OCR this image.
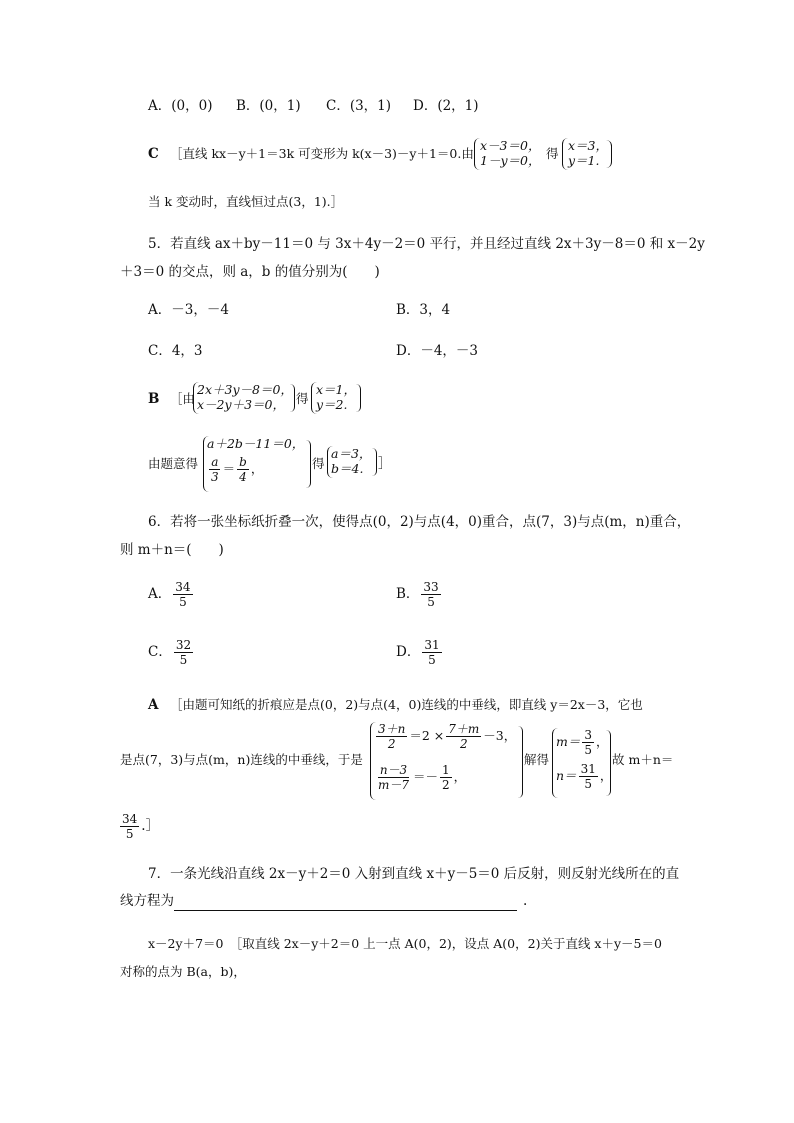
A．(0，0) B．(0，1) C．(3，1) D．(2，1)
C ［直线 kx－y＋1＝3k 可变形为 k(x－3)－y＋1＝0.由
x－3＝0，
1－y＝0， 得
x＝3，
y＝1.
当 k 变动时，直线恒过点(3，1).］
5．若直线 ax＋by－11＝0 与 3x＋4y－2＝0 平行，并且经过直线 2x＋3y－8＝0 和 x－2y
＋3＝0 的交点，则 a，b 的值分别为(　　)
A．－3，－4	B．3，4
C．4，3	D．－4，－3
B ［由
2x＋3y－8＝0，
x－2y＋3＝0， 得
x＝1，
y＝2.
由题意得
a＋2b－11＝0，
$\frac{a}{3} = \frac{b}{4}$ ，	得
a＝3，
b＝4.	］
6．若将一张坐标纸折叠一次，使得点(0，2)与点(4，0)重合，点(7，3)与点(m，n)重合，
则 m＋n＝(　　)
A． $\frac{34}{5}$	B． $\frac{33}{5}$
C． $\frac{32}{5}$	D． $\frac{31}{5}$
A ［由题可知纸的折痕应是点(0，2)与点(4，0)连线的中垂线，即直线 y＝2x－3，它也
是点(7，3)与点(m，n)连线的中垂线，于是
$\frac{3+n}{2} =2 \times \frac{7+m}{2} -3$，
$\frac{n-3}{m-7} =- \frac{1}{2}$ ，
解得
$m= \frac{3}{5}$ ，
$n= \frac{31}{5}$ ，
故 m＋n＝
$\frac{34}{5}$ .］
7．一条光线沿直线 2x－y＋2＝0 入射到直线 x＋y－5＝0 后反射，则反射光线所在的直
线方程为	.
x－2y＋7＝0　［取直线 2x－y＋2＝0 上一点 A(0，2)，设点 A(0，2)关于直线 x＋y－5＝0
对称的点为 B(a，b)，
